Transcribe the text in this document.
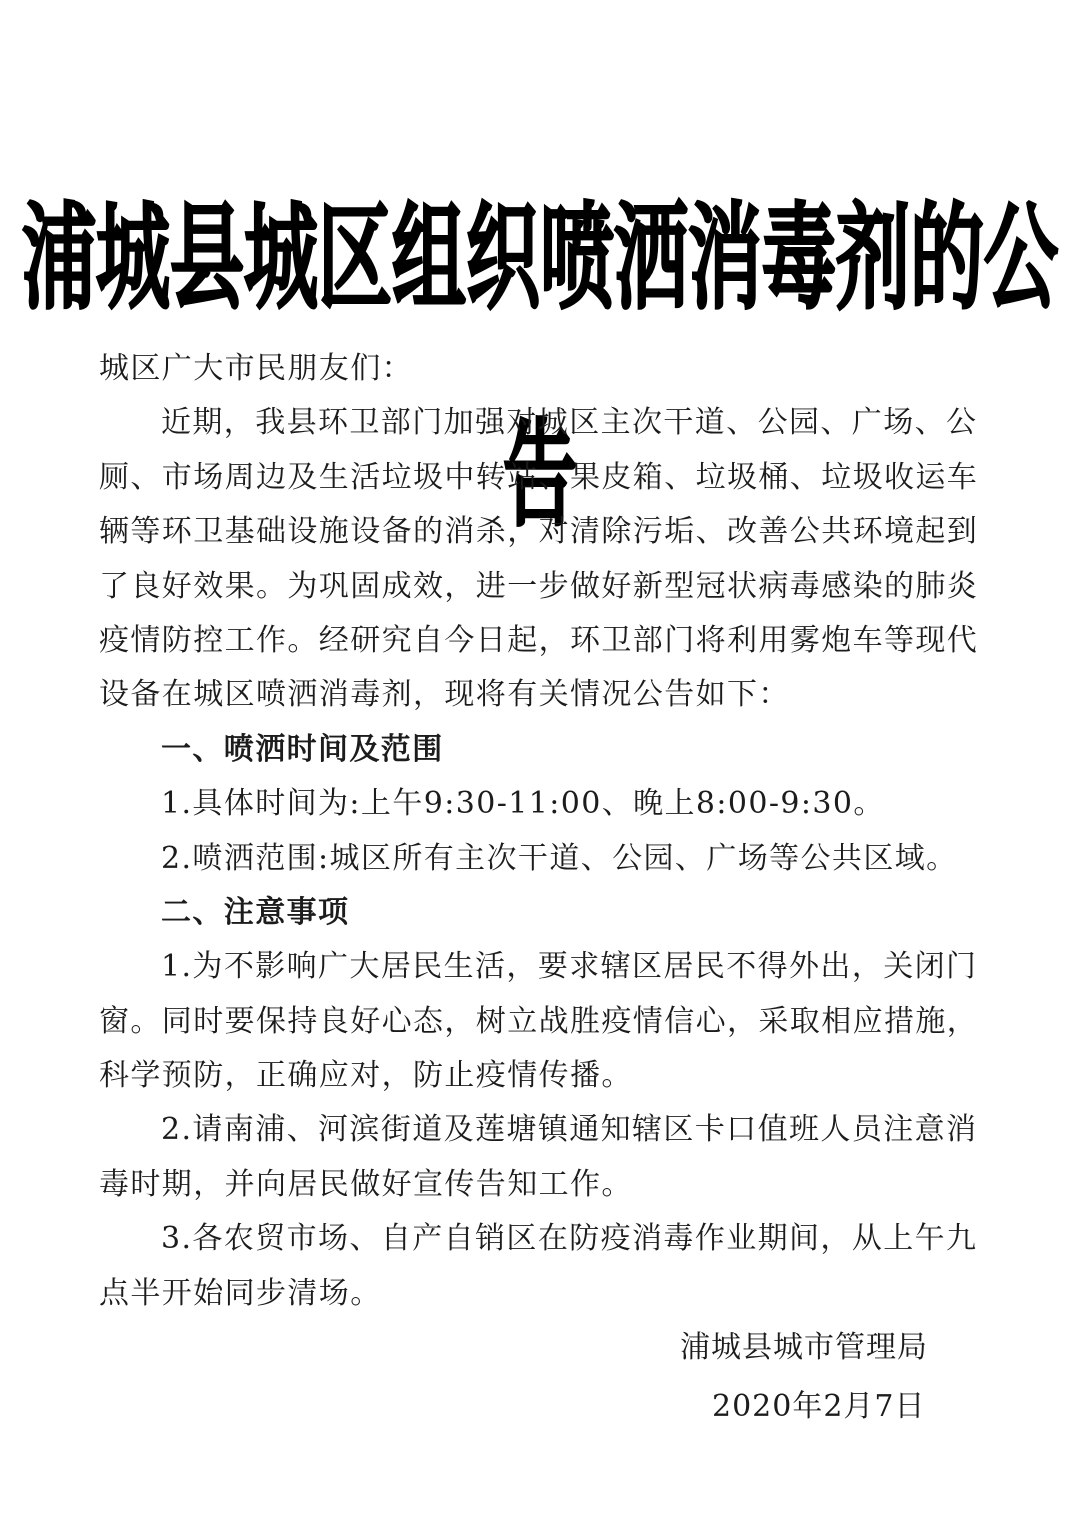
浦城县城区组织喷洒消毒剂的公告
城区广大市民朋友们：
近期，我县环卫部门加强对城区主次干道、公园、广场、公
厕、市场周边及生活垃圾中转站、果皮箱、垃圾桶、垃圾收运车
辆等环卫基础设施设备的消杀，对清除污垢、改善公共环境起到
了良好效果。为巩固成效，进一步做好新型冠状病毒感染的肺炎
疫情防控工作。经研究自今日起，环卫部门将利用雾炮车等现代
设备在城区喷洒消毒剂，现将有关情况公告如下：
一、喷洒时间及范围
1.具体时间为:上午9:30-11:00、晚上8:00-9:30。
2.喷洒范围:城区所有主次干道、公园、广场等公共区域。
二、注意事项
1.为不影响广大居民生活，要求辖区居民不得外出，关闭门
窗。同时要保持良好心态，树立战胜疫情信心，采取相应措施，
科学预防，正确应对，防止疫情传播。
2.请南浦、河滨街道及莲塘镇通知辖区卡口值班人员注意消
毒时期，并向居民做好宣传告知工作。
3.各农贸市场、自产自销区在防疫消毒作业期间，从上午九
点半开始同步清场。
浦城县城市管理局
2020年2月7日
